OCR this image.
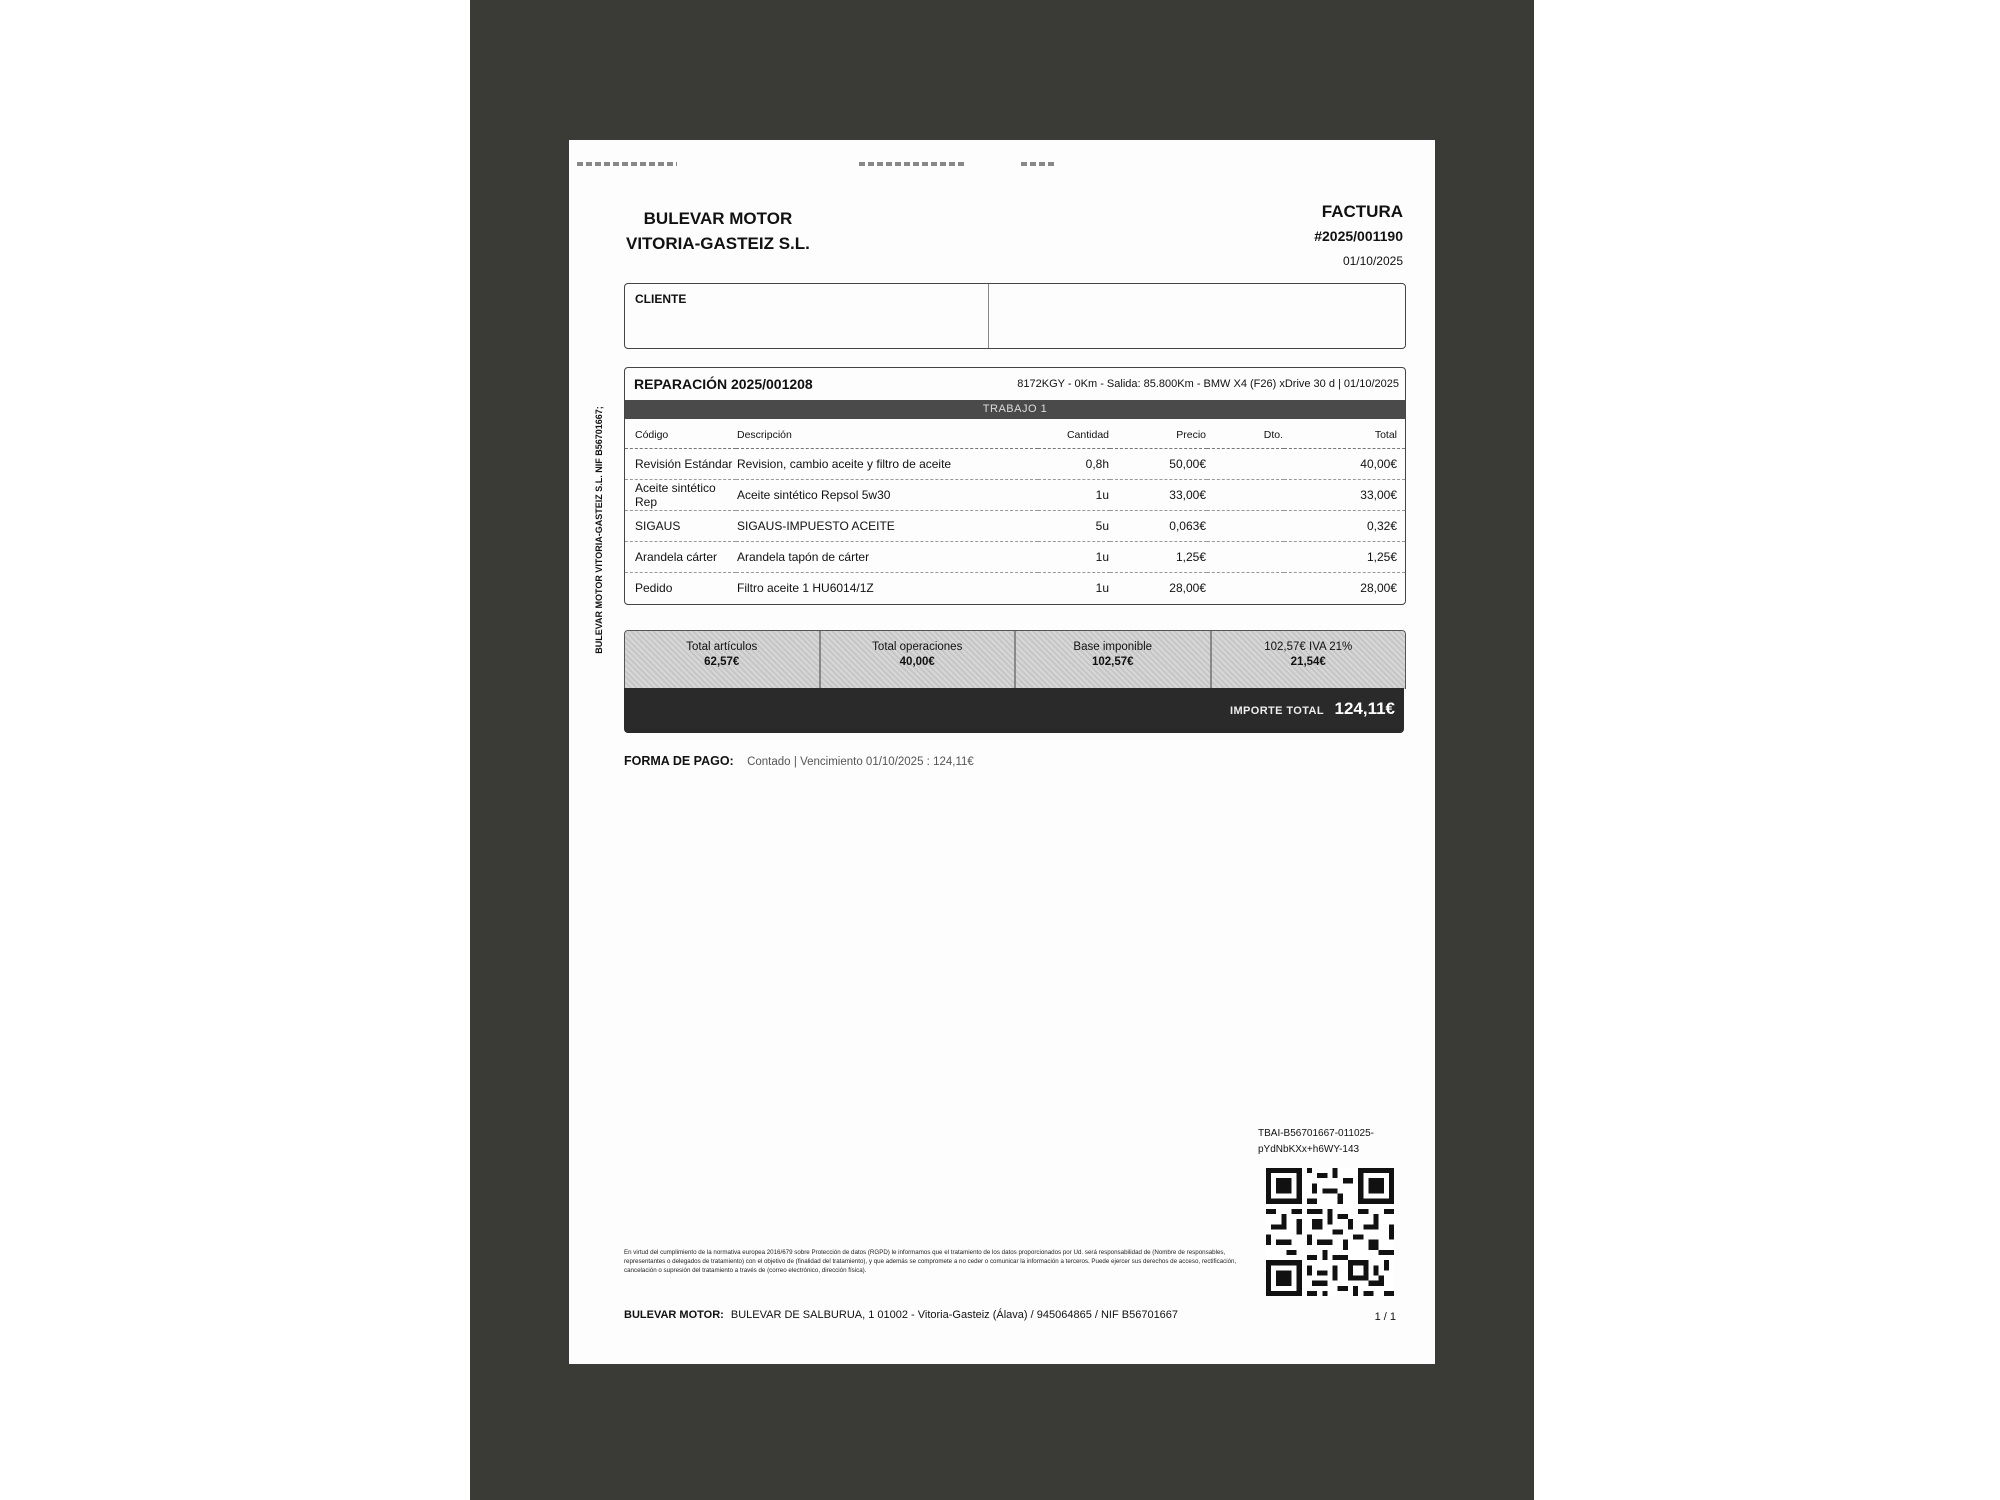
BULEVAR MOTOR
VITORIA-GASTEIZ S.L.
FACTURA
#2025/001190
01/10/2025
CLIENTE
REPARACIÓN 2025/001208	8172KGY - 0Km - Salida: 85.800Km - BMW X4 (F26) xDrive 30 d | 01/10/2025
TRABAJO 1
Código	Descripción	Cantidad	Precio	Dto.	Total
Revisión Estándar	Revision, cambio aceite y filtro de aceite	0,8h	50,00€		40,00€
Aceite sintético Rep	Aceite sintético Repsol 5w30	1u	33,00€		33,00€
SIGAUS	SIGAUS-IMPUESTO ACEITE	5u	0,063€		0,32€
Arandela cárter	Arandela tapón de cárter	1u	1,25€		1,25€
Pedido	Filtro aceite 1 HU6014/1Z	1u	28,00€		28,00€
Total artículos
62,57€
Total operaciones
40,00€
Base imponible
102,57€
102,57€ IVA 21%
21,54€
IMPORTE TOTAL 124,11€
FORMA DE PAGO: Contado | Vencimiento 01/10/2025 : 124,11€
BULEVAR MOTOR VITORIA-GASTEIZ S.L. NIF B56701667;
TBAI-B56701667-011025-
pYdNbKXx+h6WY-143
En virtud del cumplimiento de la normativa europea 2016/679 sobre Protección de datos (RGPD) le informamos que el tratamiento de los datos proporcionados por Ud. será responsabilidad de (Nombre de responsables, representantes o delegados de tratamiento) con el objetivo de (finalidad del tratamiento), y que además se compromete a no ceder o comunicar la información a terceros. Puede ejercer sus derechos de acceso, rectificación, cancelación o supresión del tratamiento a través de (correo electrónico, dirección física).
BULEVAR MOTOR: BULEVAR DE SALBURUA, 1 01002 - Vitoria-Gasteiz (Álava) / 945064865 / NIF B56701667	1 / 1
